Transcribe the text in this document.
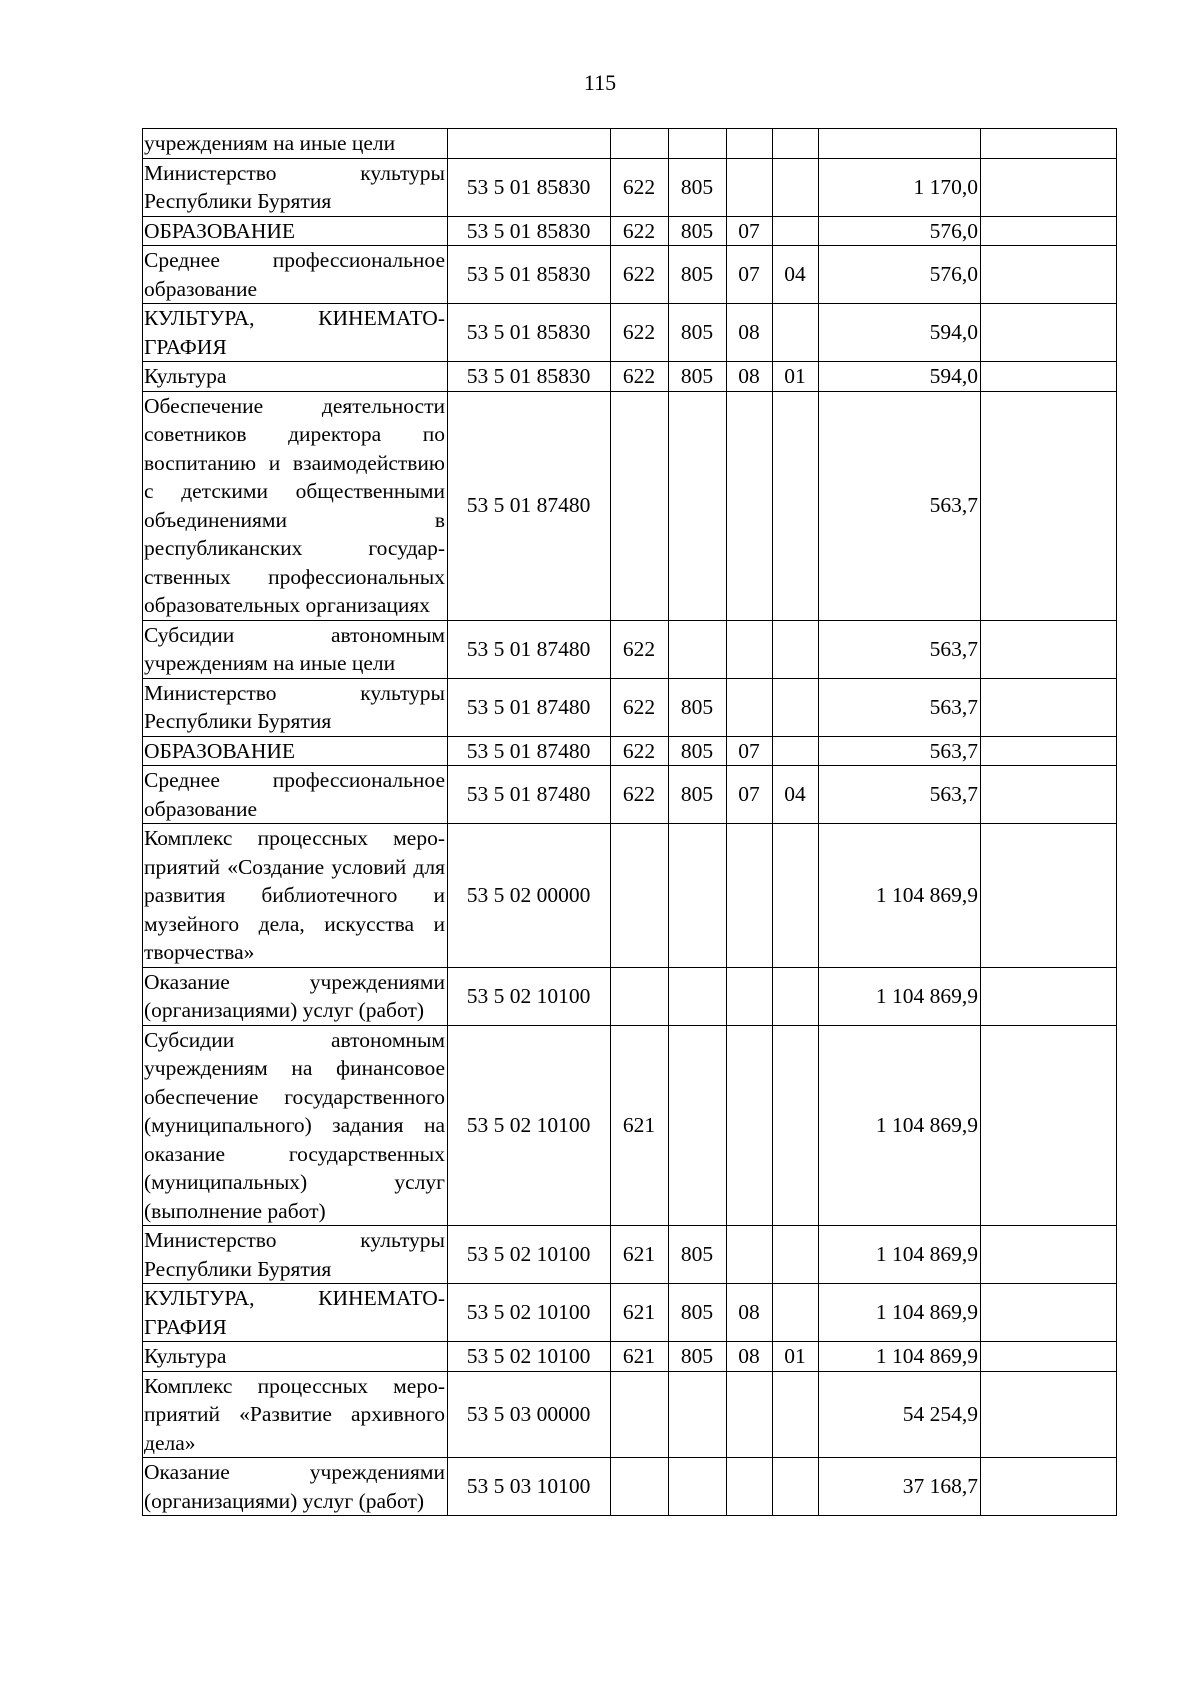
115
учреждениям на иные цели							
Министерство культуры Республики Бурятия	53 5 01 85830	622	805			1 170,0	
ОБРАЗОВАНИЕ	53 5 01 85830	622	805	07		576,0	
Среднее профессиональное образование	53 5 01 85830	622	805	07	04	576,0	
КУЛЬТУРА, КИНЕМАТОГРАФИЯ	53 5 01 85830	622	805	08		594,0	
Культура	53 5 01 85830	622	805	08	01	594,0	
Обеспечение деятельности советников директора по воспитанию и взаимодействию с детскими общественными объединениями в республиканских государственных профессиональных образовательных организациях	53 5 01 87480					563,7	
Субсидии автономным учреждениям на иные цели	53 5 01 87480	622				563,7	
Министерство культуры Республики Бурятия	53 5 01 87480	622	805			563,7	
ОБРАЗОВАНИЕ	53 5 01 87480	622	805	07		563,7	
Среднее профессиональное образование	53 5 01 87480	622	805	07	04	563,7	
Комплекс процессных мероприятий «Создание условий для развития библиотечного и музейного дела, искусства и творчества»	53 5 02 00000					1 104 869,9	
Оказание учреждениями (организациями) услуг (работ)	53 5 02 10100					1 104 869,9	
Субсидии автономным учреждениям на финансовое обеспечение государственного (муниципального) задания на оказание государственных (муниципальных) услуг (выполнение работ)	53 5 02 10100	621				1 104 869,9	
Министерство культуры Республики Бурятия	53 5 02 10100	621	805			1 104 869,9	
КУЛЬТУРА, КИНЕМАТОГРАФИЯ	53 5 02 10100	621	805	08		1 104 869,9	
Культура	53 5 02 10100	621	805	08	01	1 104 869,9	
Комплекс процессных мероприятий «Развитие архивного дела»	53 5 03 00000					54 254,9	
Оказание учреждениями (организациями) услуг (работ)	53 5 03 10100					37 168,7	
